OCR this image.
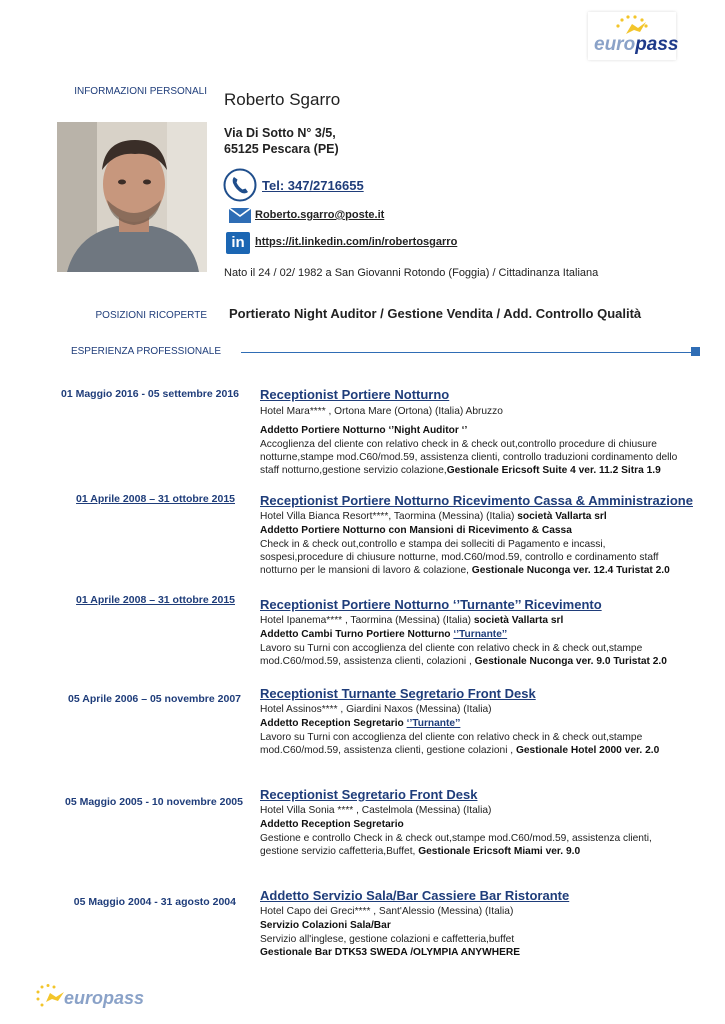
europass
INFORMAZIONI PERSONALI Roberto Sgarro
Via Di Sotto N° 3/5,
65125 Pescara (PE)
Tel: 347/2716655
Roberto.sgarro@poste.it
in https://it.linkedin.com/in/robertosgarro
Nato il 24 / 02/ 1982 a San Giovanni Rotondo (Foggia) / Cittadinanza Italiana
POSIZIONI RICOPERTE Portierato Night Auditor / Gestione Vendita / Add. Controllo Qualità
ESPERIENZA PROFESSIONALE
01 Maggio 2016 - 05 settembre 2016 Receptionist Portiere Notturno
Hotel Mara**** , Ortona Mare (Ortona) (Italia) Abruzzo
Addetto Portiere Notturno ‘’Night Auditor ‘’
Accoglienza del cliente con relativo check in & check out,controllo procedure di chiusure
notturne,stampe mod.C60/mod.59, assistenza clienti, controllo traduzioni cordinamento dello
staff notturno,gestione servizio colazione,Gestionale Ericsoft Suite 4 ver. 11.2 Sitra 1.9
01 Aprile 2008 – 31 ottobre 2015 Receptionist Portiere Notturno Ricevimento Cassa & Amministrazione
Hotel Villa Bianca Resort****, Taormina (Messina) (Italia) società Vallarta srl
Addetto Portiere Notturno con Mansioni di Ricevimento & Cassa
Check in & check out,controllo e stampa dei solleciti di Pagamento e incassi,
sospesi,procedure di chiusure notturne, mod.C60/mod.59, controllo e cordinamento staff
notturno per le mansioni di lavoro & colazione, Gestionale Nuconga ver. 12.4 Turistat 2.0
01 Aprile 2008 – 31 ottobre 2015 Receptionist Portiere Notturno ‘’Turnante’’ Ricevimento
Hotel Ipanema**** , Taormina (Messina) (Italia) società Vallarta srl
Addetto Cambi Turno Portiere Notturno ‘’Turnante’’
Lavoro su Turni con accoglienza del cliente con relativo check in & check out,stampe
mod.C60/mod.59, assistenza clienti, colazioni , Gestionale Nuconga ver. 9.0 Turistat 2.0
05 Aprile 2006 – 05 novembre 2007 Receptionist Turnante Segretario Front Desk
Hotel Assinos**** , Giardini Naxos (Messina) (Italia)
Addetto Reception Segretario ‘’Turnante’’
Lavoro su Turni con accoglienza del cliente con relativo check in & check out,stampe
mod.C60/mod.59, assistenza clienti, gestione colazioni , Gestionale Hotel 2000 ver. 2.0
05 Maggio 2005 - 10 novembre 2005 Receptionist Segretario Front Desk
Hotel Villa Sonia **** , Castelmola (Messina) (Italia)
Addetto Reception Segretario
Gestione e controllo Check in & check out,stampe mod.C60/mod.59, assistenza clienti,
gestione servizio caffetteria,Buffet, Gestionale Ericsoft Miami ver. 9.0
05 Maggio 2004 - 31 agosto 2004 Addetto Servizio Sala/Bar Cassiere Bar Ristorante
Hotel Capo dei Greci**** , Sant'Alessio (Messina) (Italia)
Servizio Colazioni Sala/Bar
Servizio all'inglese, gestione colazioni e caffetteria,buffet
Gestionale Bar DTK53 SWEDA /OLYMPIA ANYWHERE
europass
